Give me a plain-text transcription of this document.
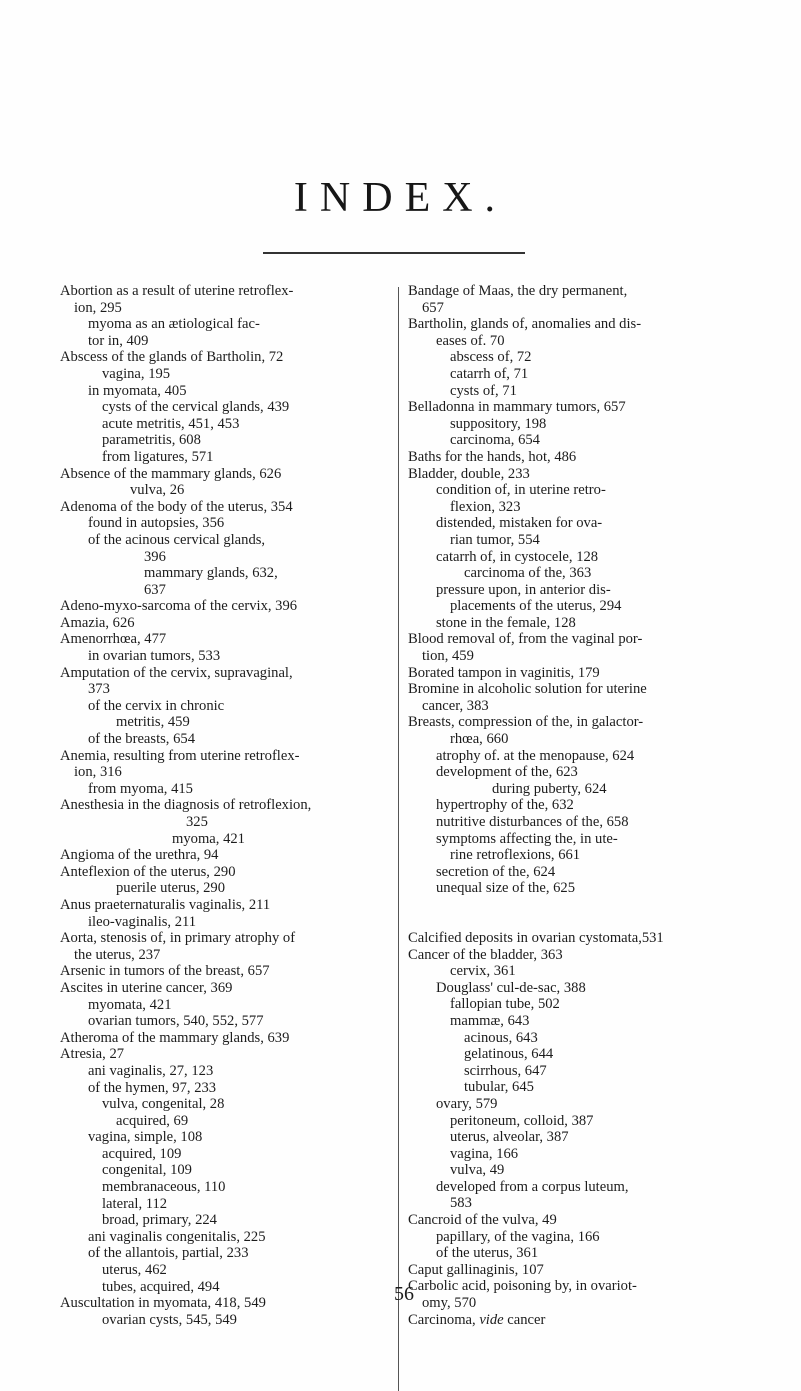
INDEX.
Abortion as a result of uterine retroflex-
ion, 295
myoma as an ætiological fac-
tor in, 409
Abscess of the glands of Bartholin, 72
vagina, 195
in myomata, 405
cysts of the cervical glands, 439
acute metritis, 451, 453
parametritis, 608
from ligatures, 571
Absence of the mammary glands, 626
vulva, 26
Adenoma of the body of the uterus, 354
found in autopsies, 356
of the acinous cervical glands,
396
mammary glands, 632,
637
Adeno-myxo-sarcoma of the cervix, 396
Amazia, 626
Amenorrhœa, 477
in ovarian tumors, 533
Amputation of the cervix, supravaginal,
373
of the cervix in chronic
metritis, 459
of the breasts, 654
Anemia, resulting from uterine retroflex-
ion, 316
from myoma, 415
Anesthesia in the diagnosis of retroflexion,
325
myoma, 421
Angioma of the urethra, 94
Anteflexion of the uterus, 290
puerile uterus, 290
Anus praeternaturalis vaginalis, 211
ileo-vaginalis, 211
Aorta, stenosis of, in primary atrophy of
the uterus, 237
Arsenic in tumors of the breast, 657
Ascites in uterine cancer, 369
myomata, 421
ovarian tumors, 540, 552, 577
Atheroma of the mammary glands, 639
Atresia, 27
ani vaginalis, 27, 123
of the hymen, 97, 233
vulva, congenital, 28
acquired, 69
vagina, simple, 108
acquired, 109
congenital, 109
membranaceous, 110
lateral, 112
broad, primary, 224
ani vaginalis congenitalis, 225
of the allantois, partial, 233
uterus, 462
tubes, acquired, 494
Auscultation in myomata, 418, 549
ovarian cysts, 545, 549
Bandage of Maas, the dry permanent,
657
Bartholin, glands of, anomalies and dis-
eases of. 70
abscess of, 72
catarrh of, 71
cysts of, 71
Belladonna in mammary tumors, 657
suppository, 198
carcinoma, 654
Baths for the hands, hot, 486
Bladder, double, 233
condition of, in uterine retro-
flexion, 323
distended, mistaken for ova-
rian tumor, 554
catarrh of, in cystocele, 128
carcinoma of the, 363
pressure upon, in anterior dis-
placements of the uterus, 294
stone in the female, 128
Blood removal of, from the vaginal por-
tion, 459
Borated tampon in vaginitis, 179
Bromine in alcoholic solution for uterine
cancer, 383
Breasts, compression of the, in galactor-
rhœa, 660
atrophy of. at the menopause, 624
development of the, 623
during puberty, 624
hypertrophy of the, 632
nutritive disturbances of the, 658
symptoms affecting the, in ute-
rine retroflexions, 661
secretion of the, 624
unequal size of the, 625
Calcified deposits in ovarian cystomata,531
Cancer of the bladder, 363
cervix, 361
Douglass' cul-de-sac, 388
fallopian tube, 502
mammæ, 643
acinous, 643
gelatinous, 644
scirrhous, 647
tubular, 645
ovary, 579
peritoneum, colloid, 387
uterus, alveolar, 387
vagina, 166
vulva, 49
developed from a corpus luteum,
583
Cancroid of the vulva, 49
papillary, of the vagina, 166
of the uterus, 361
Caput gallinaginis, 107
Carbolic acid, poisoning by, in ovariot-
omy, 570
Carcinoma, vide cancer
56
